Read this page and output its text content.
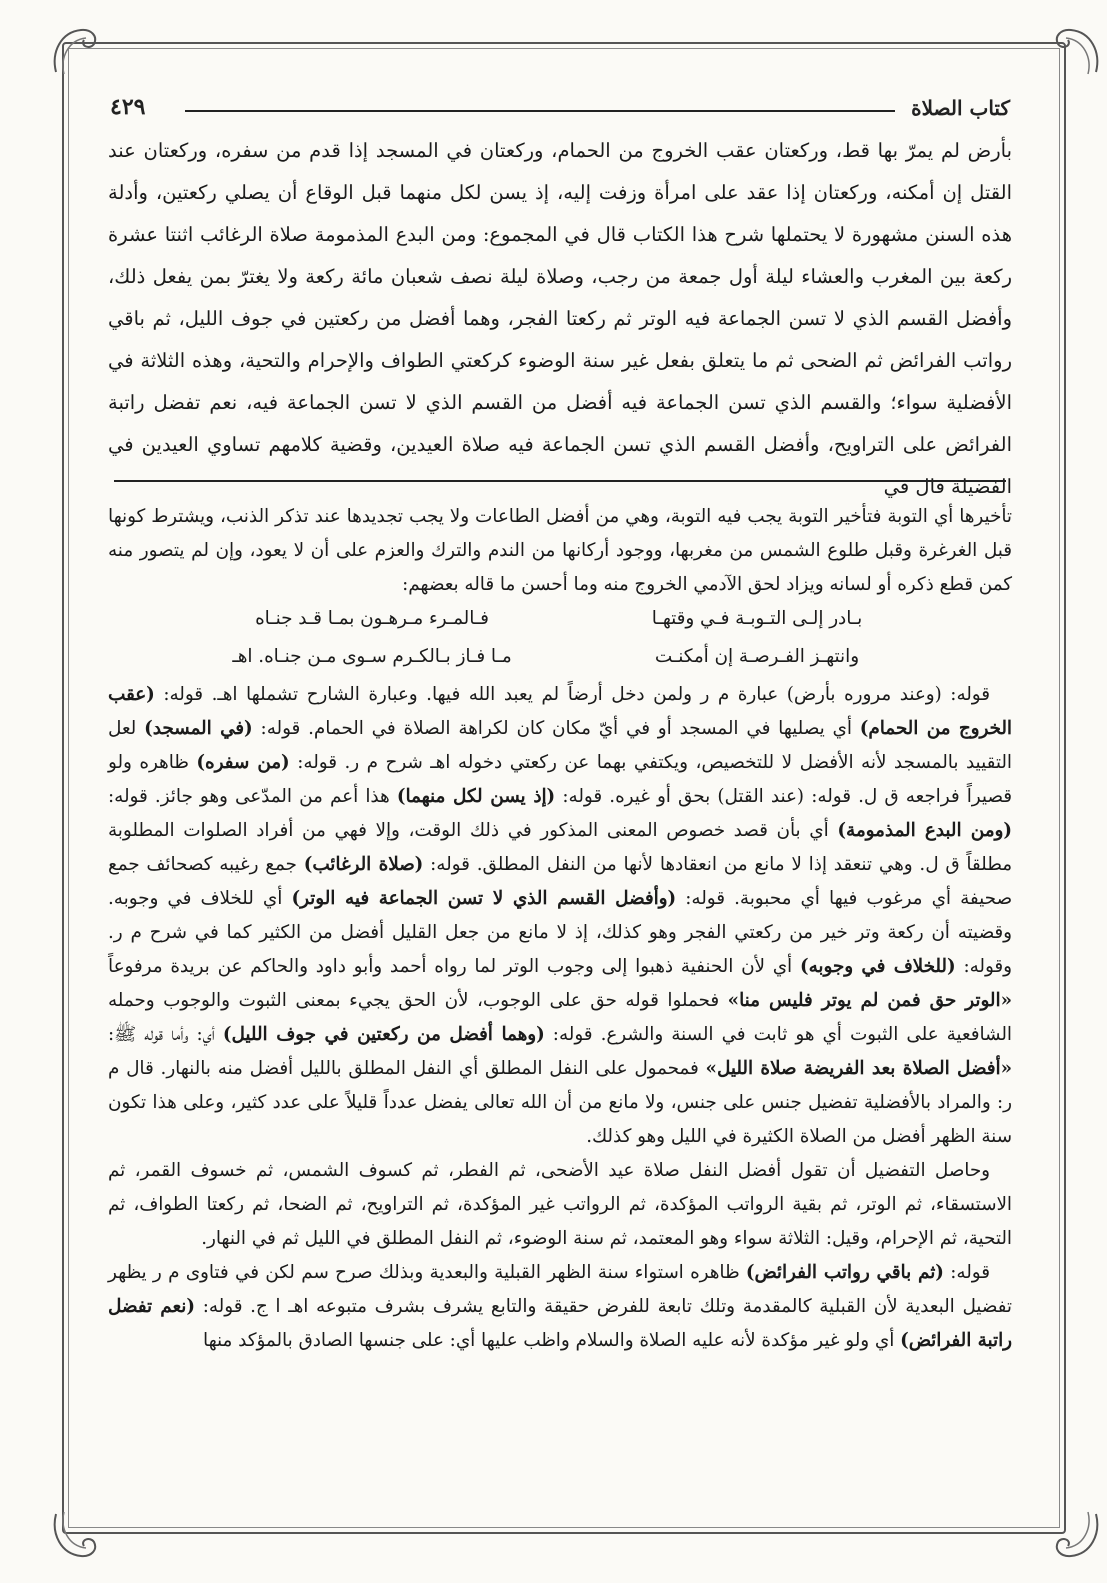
كتاب الصلاة
٤٢٩

بأرض لم يمرّ بها قط، وركعتان عقب الخروج من الحمام، وركعتان في المسجد إذا قدم من سفره، وركعتان عند القتل إن أمكنه، وركعتان إذا عقد على امرأة وزفت إليه، إذ يسن لكل منهما قبل الوقاع أن يصلي ركعتين، وأدلة هذه السنن مشهورة لا يحتملها شرح هذا الكتاب قال في المجموع: ومن البدع المذمومة صلاة الرغائب اثنتا عشرة ركعة بين المغرب والعشاء ليلة أول جمعة من رجب، وصلاة ليلة نصف شعبان مائة ركعة ولا يغترّ بمن يفعل ذلك، وأفضل القسم الذي لا تسن الجماعة فيه الوتر ثم ركعتا الفجر، وهما أفضل من ركعتين في جوف الليل، ثم باقي رواتب الفرائض ثم الضحى ثم ما يتعلق بفعل غير سنة الوضوء كركعتي الطواف والإحرام والتحية، وهذه الثلاثة في الأفضلية سواء؛ والقسم الذي تسن الجماعة فيه أفضل من القسم الذي لا تسن الجماعة فيه، نعم تفضل راتبة الفرائض على التراويح، وأفضل القسم الذي تسن الجماعة فيه صلاة العيدين، وقضية كلامهم تساوي العيدين في الفضيلة قال في

تأخيرها أي التوبة فتأخير التوبة يجب فيه التوبة، وهي من أفضل الطاعات ولا يجب تجديدها عند تذكر الذنب، ويشترط كونها قبل الغرغرة وقبل طلوع الشمس من مغربها، ووجود أركانها من الندم والترك والعزم على أن لا يعود، وإن لم يتصور منه كمن قطع ذكره أو لسانه ويزاد لحق الآدمي الخروج منه وما أحسن ما قاله بعضهم:

بـادر إلـى التـوبـة فـي وقتهـا
فـالمـرء مـرهـون بمـا قـد جنـاه
وانتهـز الفـرصـة إن أمكنـت
مـا فـاز بـالكـرم سـوى مـن جنـاه. اهـ

قوله: (وعند مروره بأرض) عبارة م ر ولمن دخل أرضاً لم يعبد الله فيها. وعبارة الشارح تشملها اهـ. قوله: (عقب الخروج من الحمام) أي يصليها في المسجد أو في أيّ مكان كان لكراهة الصلاة في الحمام. قوله: (في المسجد) لعل التقييد بالمسجد لأنه الأفضل لا للتخصيص، ويكتفي بهما عن ركعتي دخوله اهـ شرح م ر. قوله: (من سفره) ظاهره ولو قصيراً فراجعه ق ل. قوله: (عند القتل) بحق أو غيره. قوله: (إذ يسن لكل منهما) هذا أعم من المدّعى وهو جائز. قوله: (ومن البدع المذمومة) أي بأن قصد خصوص المعنى المذكور في ذلك الوقت، وإلا فهي من أفراد الصلوات المطلوبة مطلقاً ق ل. وهي تنعقد إذا لا مانع من انعقادها لأنها من النفل المطلق. قوله: (صلاة الرغائب) جمع رغيبه كصحائف جمع صحيفة أي مرغوب فيها أي محبوبة. قوله: (وأفضل القسم الذي لا تسن الجماعة فيه الوتر) أي للخلاف في وجوبه. وقضيته أن ركعة وتر خير من ركعتي الفجر وهو كذلك، إذ لا مانع من جعل القليل أفضل من الكثير كما في شرح م ر. وقوله: (للخلاف في وجوبه) أي لأن الحنفية ذهبوا إلى وجوب الوتر لما رواه أحمد وأبو داود والحاكم عن بريدة مرفوعاً «الوتر حق فمن لم يوتر فليس منا» فحملوا قوله حق على الوجوب، لأن الحق يجيء بمعنى الثبوت والوجوب وحمله الشافعية على الثبوت أي هو ثابت في السنة والشرع. قوله: (وهما أفضل من ركعتين في جوف الليل) أي: وأما قوله ﷺ: «أفضل الصلاة بعد الفريضة صلاة الليل» فمحمول على النفل المطلق أي النفل المطلق بالليل أفضل منه بالنهار. قال م ر: والمراد بالأفضلية تفضيل جنس على جنس، ولا مانع من أن الله تعالى يفضل عدداً قليلاً على عدد كثير، وعلى هذا تكون سنة الظهر أفضل من الصلاة الكثيرة في الليل وهو كذلك.

وحاصل التفضيل أن تقول أفضل النفل صلاة عيد الأضحى، ثم الفطر، ثم كسوف الشمس، ثم خسوف القمر، ثم الاستسقاء، ثم الوتر، ثم بقية الرواتب المؤكدة، ثم الرواتب غير المؤكدة، ثم التراويح، ثم الضحا، ثم ركعتا الطواف، ثم التحية، ثم الإحرام، وقيل: الثلاثة سواء وهو المعتمد، ثم سنة الوضوء، ثم النفل المطلق في الليل ثم في النهار.

قوله: (ثم باقي رواتب الفرائض) ظاهره استواء سنة الظهر القبلية والبعدية وبذلك صرح سم لكن في فتاوى م ر يظهر تفضيل البعدية لأن القبلية كالمقدمة وتلك تابعة للفرض حقيقة والتابع يشرف بشرف متبوعه اهـ ا ج. قوله: (نعم تفضل راتبة الفرائض) أي ولو غير مؤكدة لأنه عليه الصلاة والسلام واظب عليها أي: على جنسها الصادق بالمؤكد منها
